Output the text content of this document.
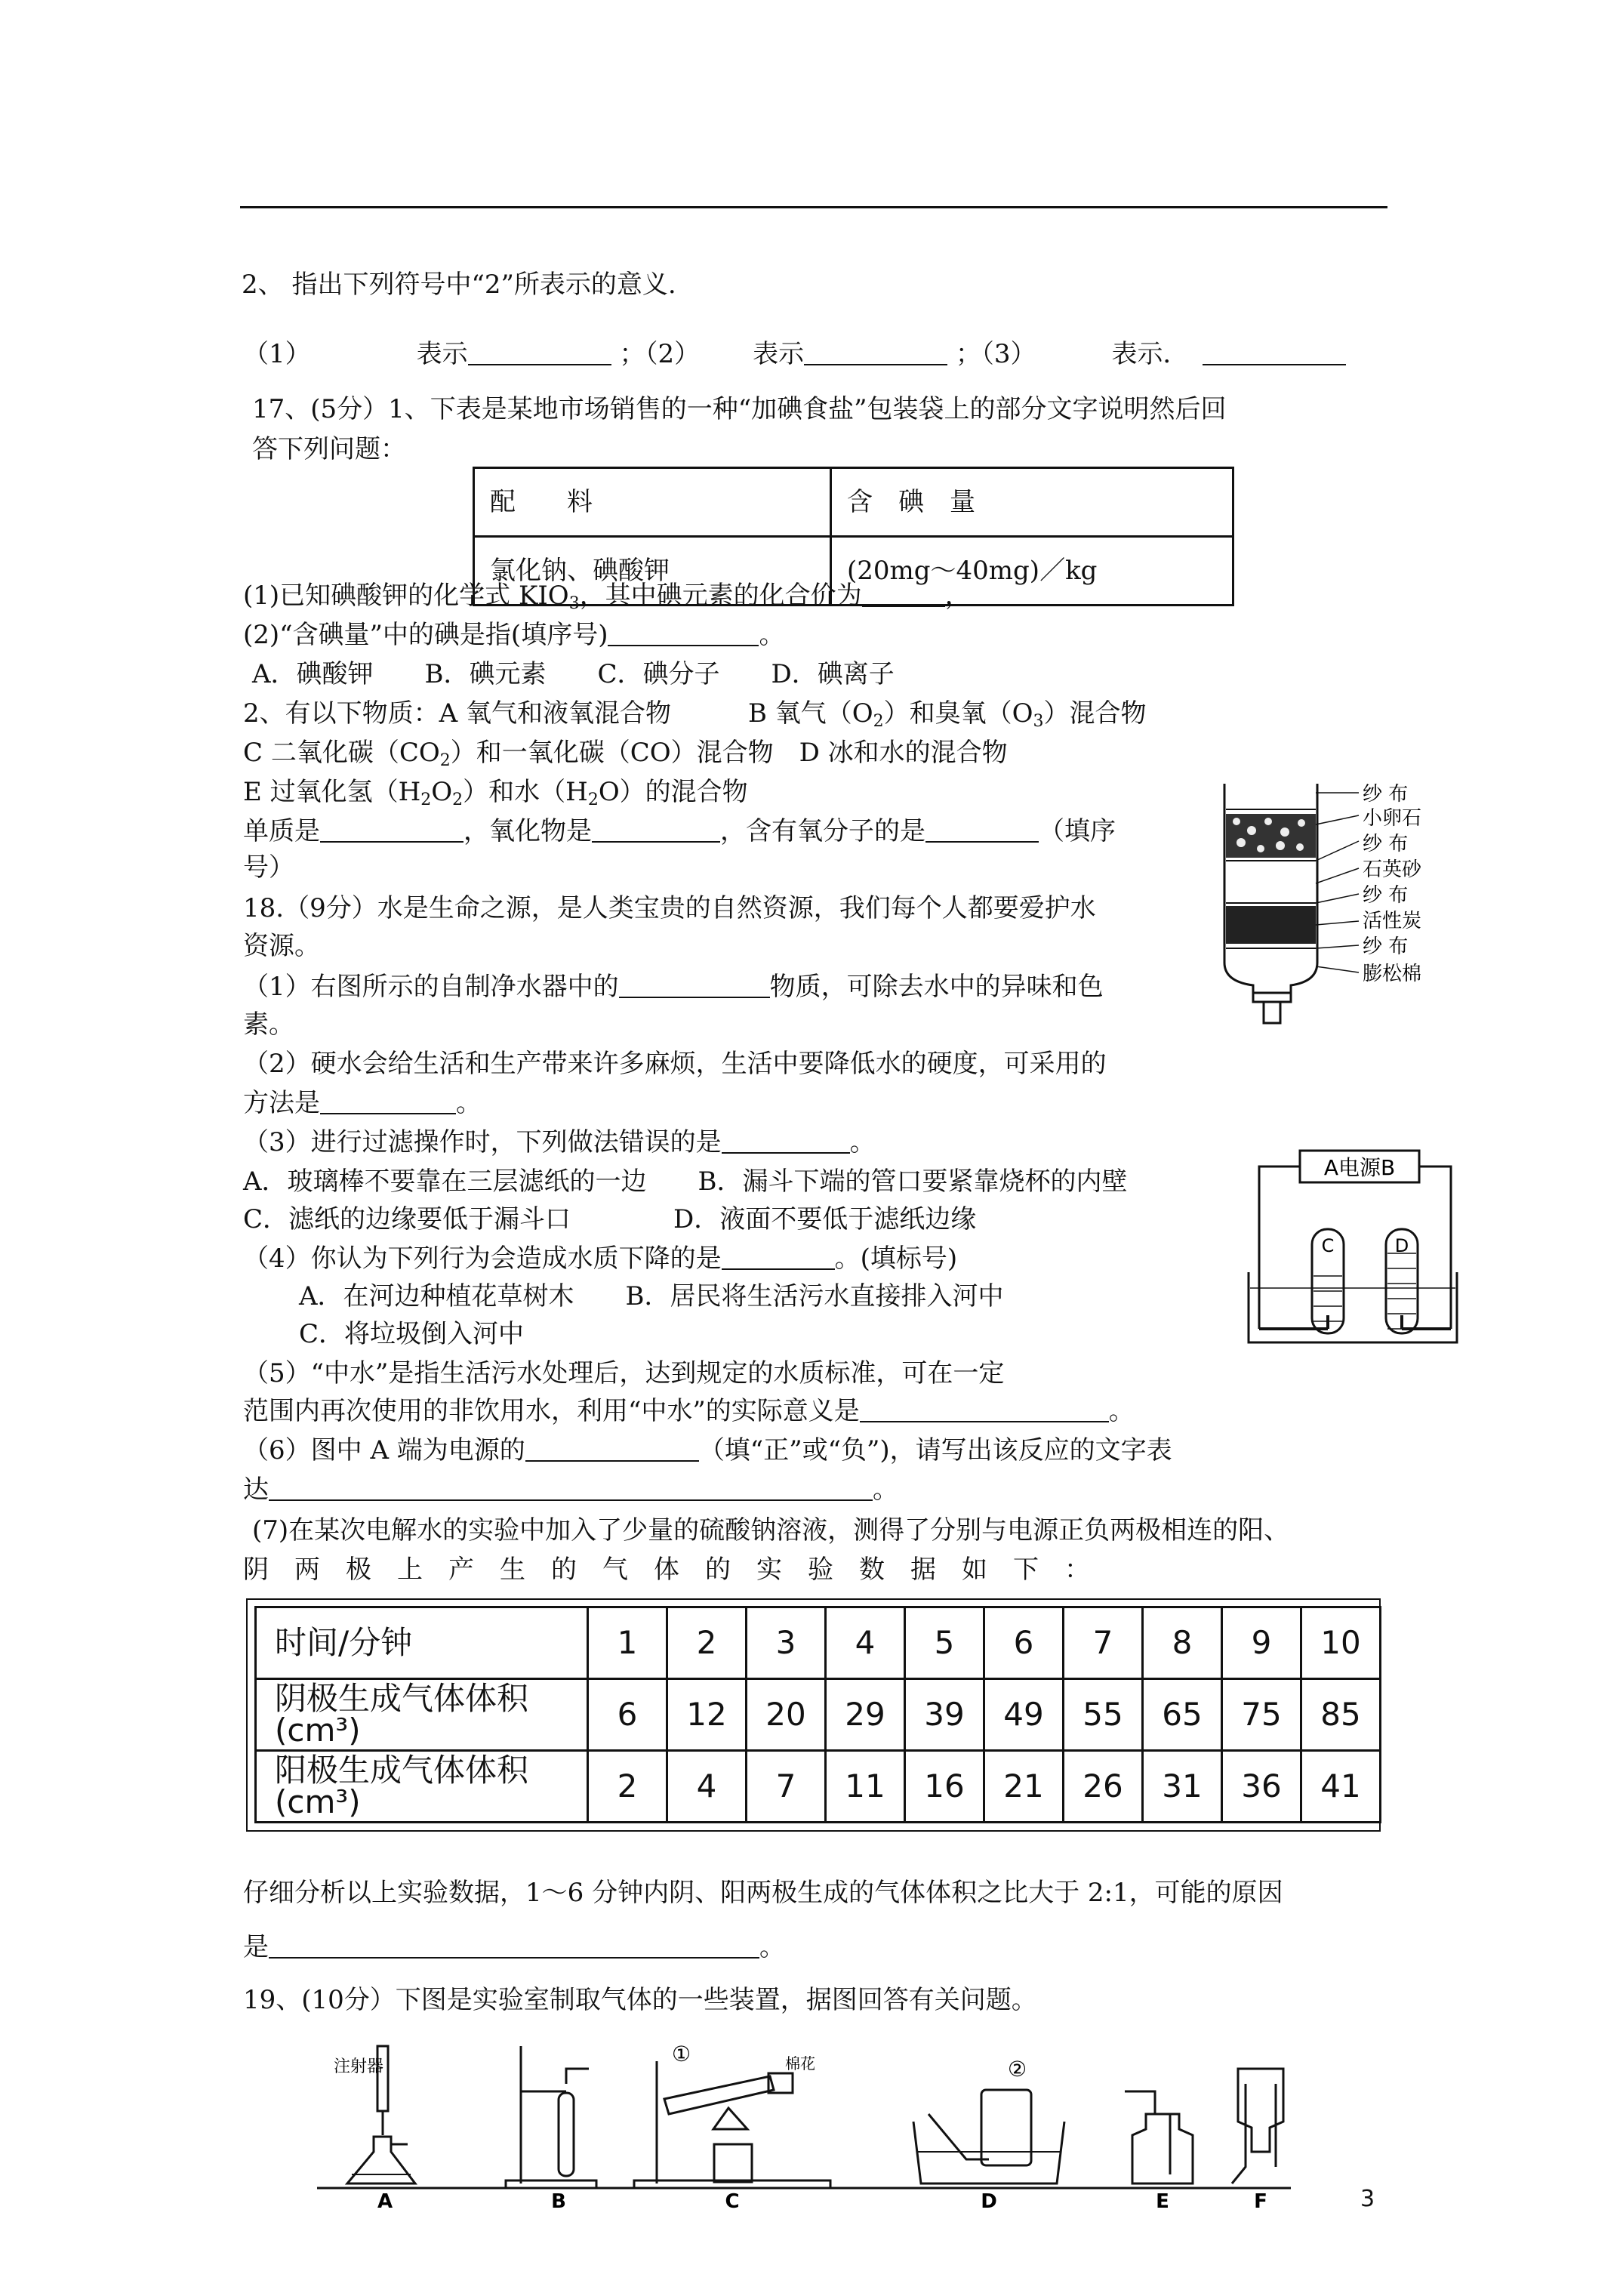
2、 指出下列符号中“2”所表示的意义.
（1）	表示	；（2） 表示	；（3）	表示．
17、(5分）1、下表是某地市场销售的一种“加碘食盐”包装袋上的部分文字说明然后回
答下列问题：
配　　料	含　碘　量
氯化钠、碘酸钾	(20mg～40mg)／kg
(1)已知碘酸钾的化学式 $KIO_3$，其中碘元素的化合价为	，
(2)“含碘量”中的碘是指(填序号)	。
A．碘酸钾　　B．碘元素　　C．碘分子　　D．碘离子
2、有以下物质：A 氧气和液氧混合物　　　B 氧气$(O_2)$和臭氧$(O_3)$混合物
C 二氧化碳$(CO_2)$和一氧化碳（CO）混合物　D 冰和水的混合物
E 过氧化氢$(H_2O_2)$和水$(H_2O)$的混合物
单质是	，氧化物是	，含有氧分子的是	（填序
号）
18.（9分）水是生命之源，是人类宝贵的自然资源，我们每个人都要爱护水
资源。
（1）右图所示的自制净水器中的	物质，可除去水中的异味和色
素。
（2）硬水会给生活和生产带来许多麻烦，生活中要降低水的硬度，可采用的
方法是	。
（3）进行过滤操作时，下列做法错误的是	。
A．玻璃棒不要靠在三层滤纸的一边　　B．漏斗下端的管口要紧靠烧杯的内壁
C．滤纸的边缘要低于漏斗口　　　　D．液面不要低于滤纸边缘
（4）你认为下列行为会造成水质下降的是	。(填标号)
A．在河边种植花草树木　　B．居民将生活污水直接排入河中
C．将垃圾倒入河中
（5）“中水”是指生活污水处理后，达到规定的水质标准，可在一定
范围内再次使用的非饮用水，利用“中水”的实际意义是	。
（6）图中 A 端为电源的	（填“正”或“负”)，请写出该反应的文字表
达	。
(7)在某次电解水的实验中加入了少量的硫酸钠溶液，测得了分别与电源正负两极相连的阳、
阴　两　极　上　产　生　的　气　体　的　实　验　数　据　如　下　：
时间/分钟	1	2	3	4	5	6	7	8	9	10
阴极生成气体体积(cm³)	6	12	20	29	39	49	55	65	75	85
阳极生成气体体积(cm³)	2	4	7	11	16	21	26	31	36	41
仔细分析以上实验数据，1～6 分钟内阴、阳两极生成的气体体积之比大于 2:1，可能的原因
是	。
19、(10分）下图是实验室制取气体的一些装置，据图回答有关问题。
纱 布
小卵石
纱 布
石英砂
纱 布
活性炭
纱 布
膨松棉
A电源B
C	D
注射器
①	棉花	②
A	B	C	D	E	F	3
